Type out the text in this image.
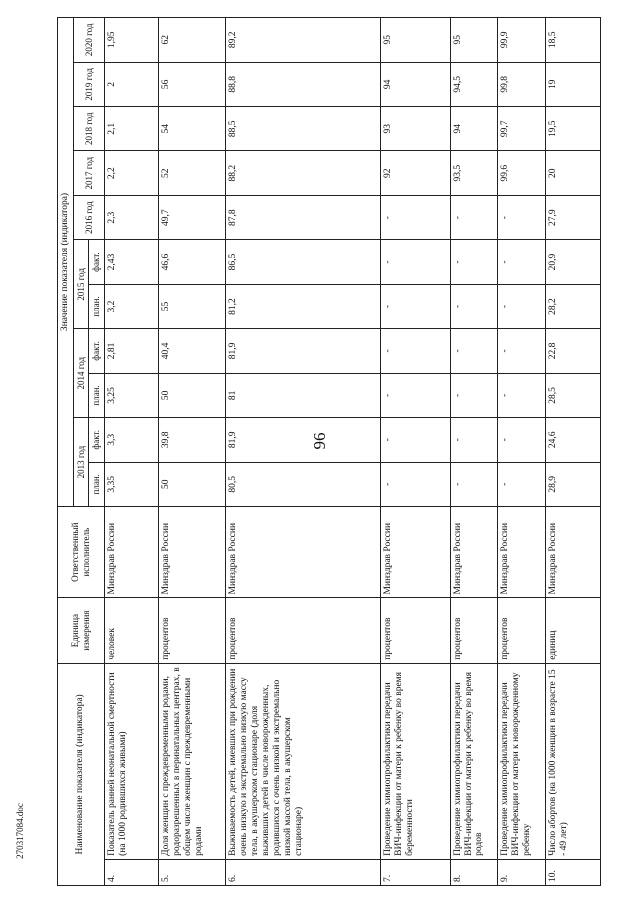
96
270317084.doc	Наименование показателя (индикатора)		Единица измерения	Ответственный исполнитель	Значение показателя (индикатора)										
				2013 год		2014 год		2015 год		2016 год	2017 год	2018 год	2019 год	2020 год
				план.	факт.	план.	факт.	план.	факт.					
4.	Показатель ранней неонатальной смертности (на 1000 родившихся живыми)	человек	Минздрав России	3,35	3,3	3,25	2,81	3,2	2,43	2,3	2,2	2,1	2	1,95
5.	Доля женщин с преждевременными родами, родоразрешенных в перинатальных центрах, в общем числе женщин с преждевременными родами	процентов	Минздрав России	50	39,8	50	40,4	55	46,6	49,7	52	54	56	62
6.	Выживаемость детей, имевших при рождении очень низкую и экстремально низкую массу тела, в акушерском стационаре (доля выживших детей в числе новорожденных, родившихся с очень низкой и экстремально низкой массой тела, в акушерском стационаре)	процентов	Минздрав России	80,5	81,9	81	81,9	81,2	86,5	87,8	88,2	88,5	88,8	89,2
7.	Проведение химиопрофилактики передачи ВИЧ-инфекции от матери к ребенку во время беременности	процентов	Минздрав России	-	-	-	-	-	-	-	92	93	94	95
8.	Проведение химиопрофилактики передачи ВИЧ-инфекции от матери к ребенку во время родов	процентов	Минздрав России	-	-	-	-	-	-	-	93,5	94	94,5	95
9.	Проведение химиопрофилактики передачи ВИЧ-инфекции от матери к новорожденному ребенку	процентов	Минздрав России	-	-	-	-	-	-	-	99,6	99,7	99,8	99,9
10.	Число абортов (на 1000 женщин в возрасте 15 - 49 лет)	единиц	Минздрав России	28,9	24,6	28,5	22,8	28,2	20,9	27,9	20	19,5	19	18,5
